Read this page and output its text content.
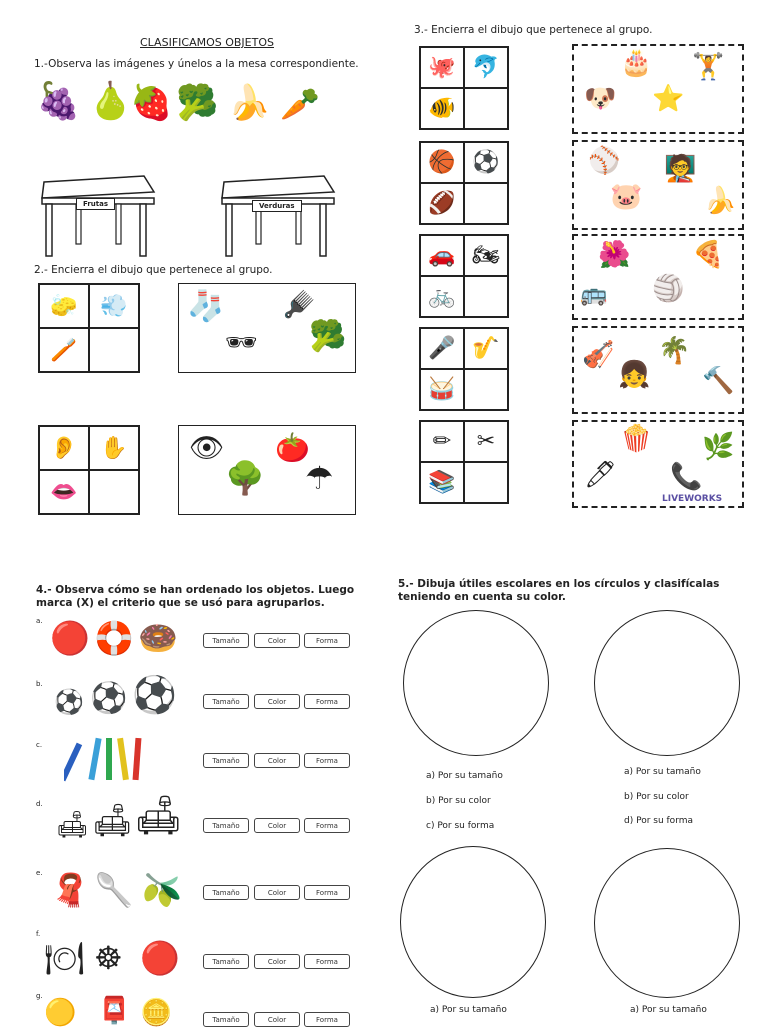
CLASIFICAMOS OBJETOS
1.-Observa las imágenes y únelos a la mesa correspondiente.
🍇 🍐
🍓 🥦 🍌 🥕
Frutas	Verduras
2.- Encierra el dibujo que pertenece al grupo.
🧽	💨
🪥
🧦
🕶
🪮
🥦
👂	✋
👄
👁
🌳
🍅
☂
3.- Encierra el dibujo que pertenece al grupo.
🐙 🐬
🐠
🎂 🏋
🐶 ⭐
🏀 ⚽
🏈
⚾
🐷
🧑‍🏫
🍌
🚗 🏍
🚲
🌺
🚌 🏐
🍕
🎤 🎷
🥁
🎻
👧
🌴
🔨
✏	✂
📚
🍿
🖊 📞
🌿
LIVEWORKS
4.- Observa cómo se han ordenado los objetos. Luego
marca (X) el criterio que se usó para agruparlos.
a. 🔴 🛟 🍩	Tamaño	Color	Forma
b.
⚽ ⚽ ⚽	Tamaño	Color	Forma
c.
Tamaño	Color	Forma
d.
🛋 🛋 🛋	Tamaño	Color	Forma
e. 🧣 🥄 🫒	Tamaño	Color	Forma
f.
🍽 ☸ 🔴	Tamaño	Color	Forma
g.
🟡 📮 🪙	Tamaño	Color	Forma
5.- Dibuja útiles escolares en los círculos y clasifícalas
teniendo en cuenta su color.
a) Por su tamaño
b) Por su color
c) Por su forma
a) Por su tamaño
b) Por su color
d) Por su forma
a) Por su tamaño	a) Por su tamaño
